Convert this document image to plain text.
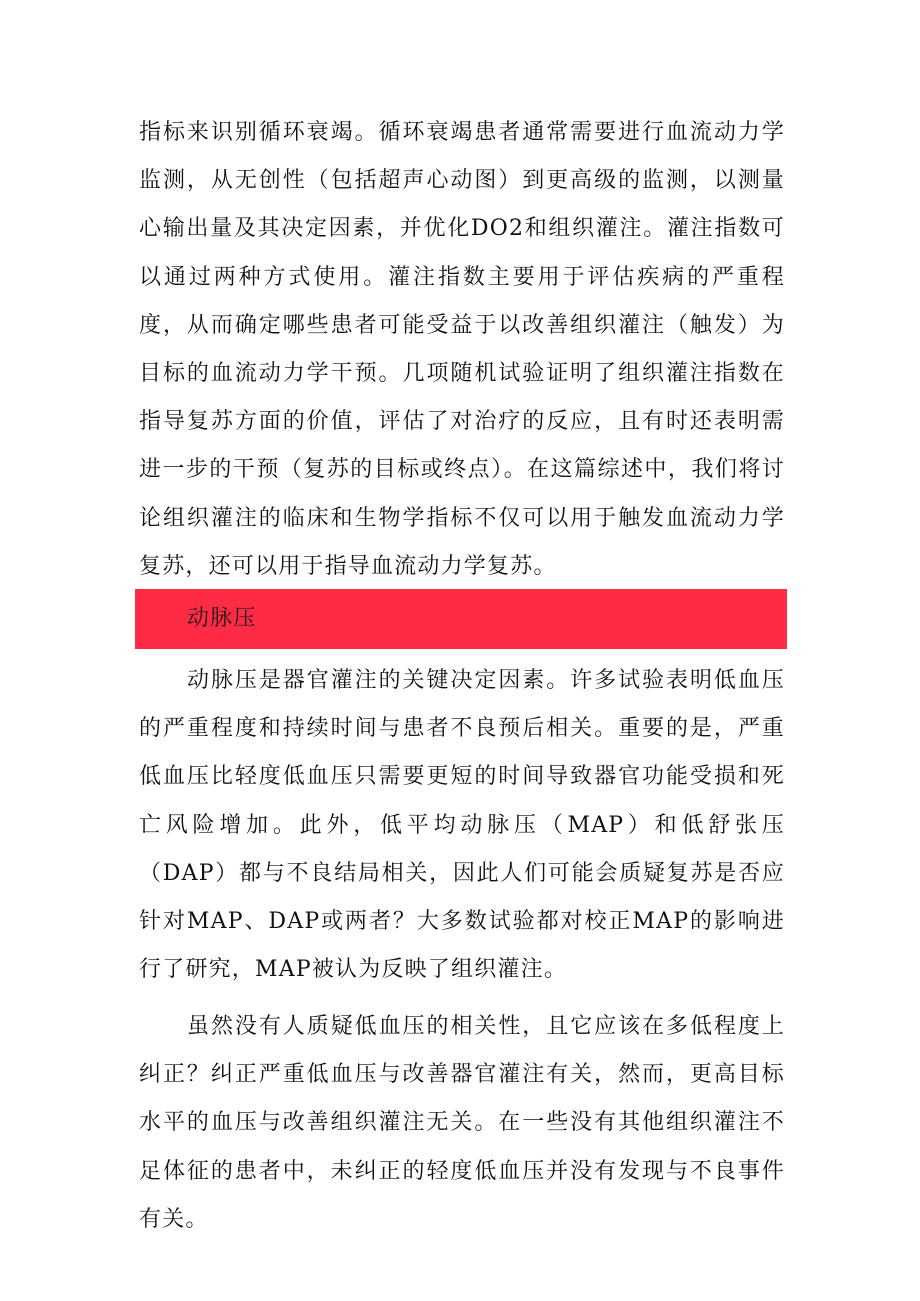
指标来识别循环衰竭。循环衰竭患者通常需要进行血流动力学监测，从无创性（包括超声心动图）到更高级的监测，以测量心输出量及其决定因素，并优化DO2和组织灌注。灌注指数可以通过两种方式使用。灌注指数主要用于评估疾病的严重程度，从而确定哪些患者可能受益于以改善组织灌注（触发）为目标的血流动力学干预。几项随机试验证明了组织灌注指数在指导复苏方面的价值，评估了对治疗的反应，且有时还表明需进一步的干预（复苏的目标或终点）。在这篇综述中，我们将讨论组织灌注的临床和生物学指标不仅可以用于触发血流动力学复苏，还可以用于指导血流动力学复苏。

动脉压

动脉压是器官灌注的关键决定因素。许多试验表明低血压的严重程度和持续时间与患者不良预后相关。重要的是，严重低血压比轻度低血压只需要更短的时间导致器官功能受损和死亡风险增加。此外，低平均动脉压（MAP）和低舒张压（DAP）都与不良结局相关，因此人们可能会质疑复苏是否应针对MAP、DAP或两者？大多数试验都对校正MAP的影响进行了研究，MAP被认为反映了组织灌注。

虽然没有人质疑低血压的相关性，且它应该在多低程度上纠正？纠正严重低血压与改善器官灌注有关，然而，更高目标水平的血压与改善组织灌注无关。在一些没有其他组织灌注不足体征的患者中，未纠正的轻度低血压并没有发现与不良事件有关。
